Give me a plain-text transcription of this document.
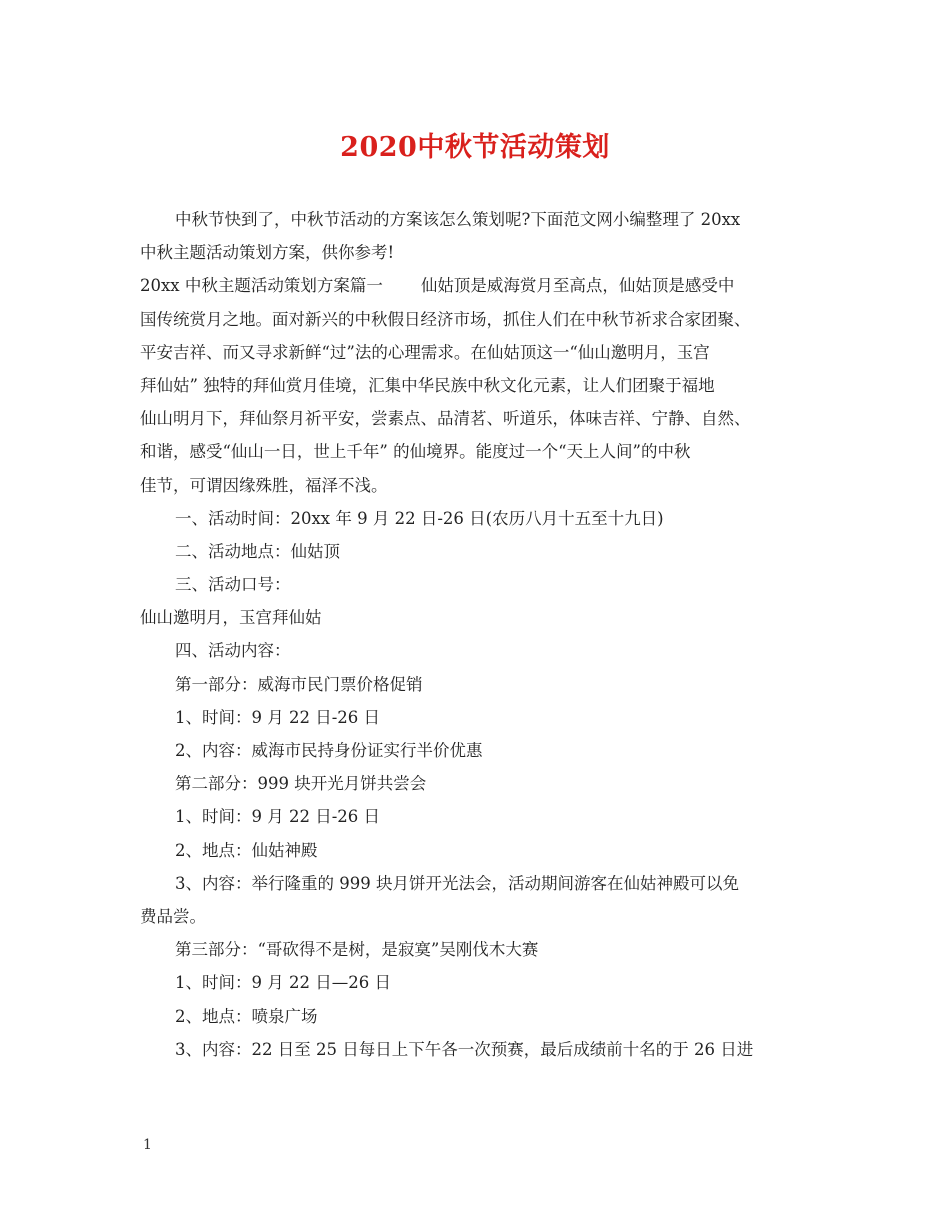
2020中秋节活动策划
中秋节快到了，中秋节活动的方案该怎么策划呢?下面范文网小编整理了 20xx
中秋主题活动策划方案，供你参考!
20xx 中秋主题活动策划方案篇一 仙姑顶是威海赏月至高点，仙姑顶是感受中
国传统赏月之地。面对新兴的中秋假日经济市场，抓住人们在中秋节祈求合家团聚、
平安吉祥、而又寻求新鲜“过”法的心理需求。在仙姑顶这一“仙山邀明月，玉宫
拜仙姑” 独特的拜仙赏月佳境，汇集中华民族中秋文化元素，让人们团聚于福地
仙山明月下，拜仙祭月祈平安，尝素点、品清茗、听道乐，体味吉祥、宁静、自然、
和谐，感受“仙山一日，世上千年” 的仙境界。能度过一个“天上人间”的中秋
佳节，可谓因缘殊胜，福泽不浅。
一、活动时间：20xx 年 9 月 22 日-26 日(农历八月十五至十九日)
二、活动地点：仙姑顶
三、活动口号：
仙山邀明月，玉宫拜仙姑
四、活动内容：
第一部分：威海市民门票价格促销
1、时间：9 月 22 日-26 日
2、内容：威海市民持身份证实行半价优惠
第二部分：999 块开光月饼共尝会
1、时间：9 月 22 日-26 日
2、地点：仙姑神殿
3、内容：举行隆重的 999 块月饼开光法会，活动期间游客在仙姑神殿可以免
费品尝。
第三部分：“哥砍得不是树，是寂寞”吴刚伐木大赛
1、时间：9 月 22 日—26 日
2、地点：喷泉广场
3、内容：22 日至 25 日每日上下午各一次预赛，最后成绩前十名的于 26 日进
1
